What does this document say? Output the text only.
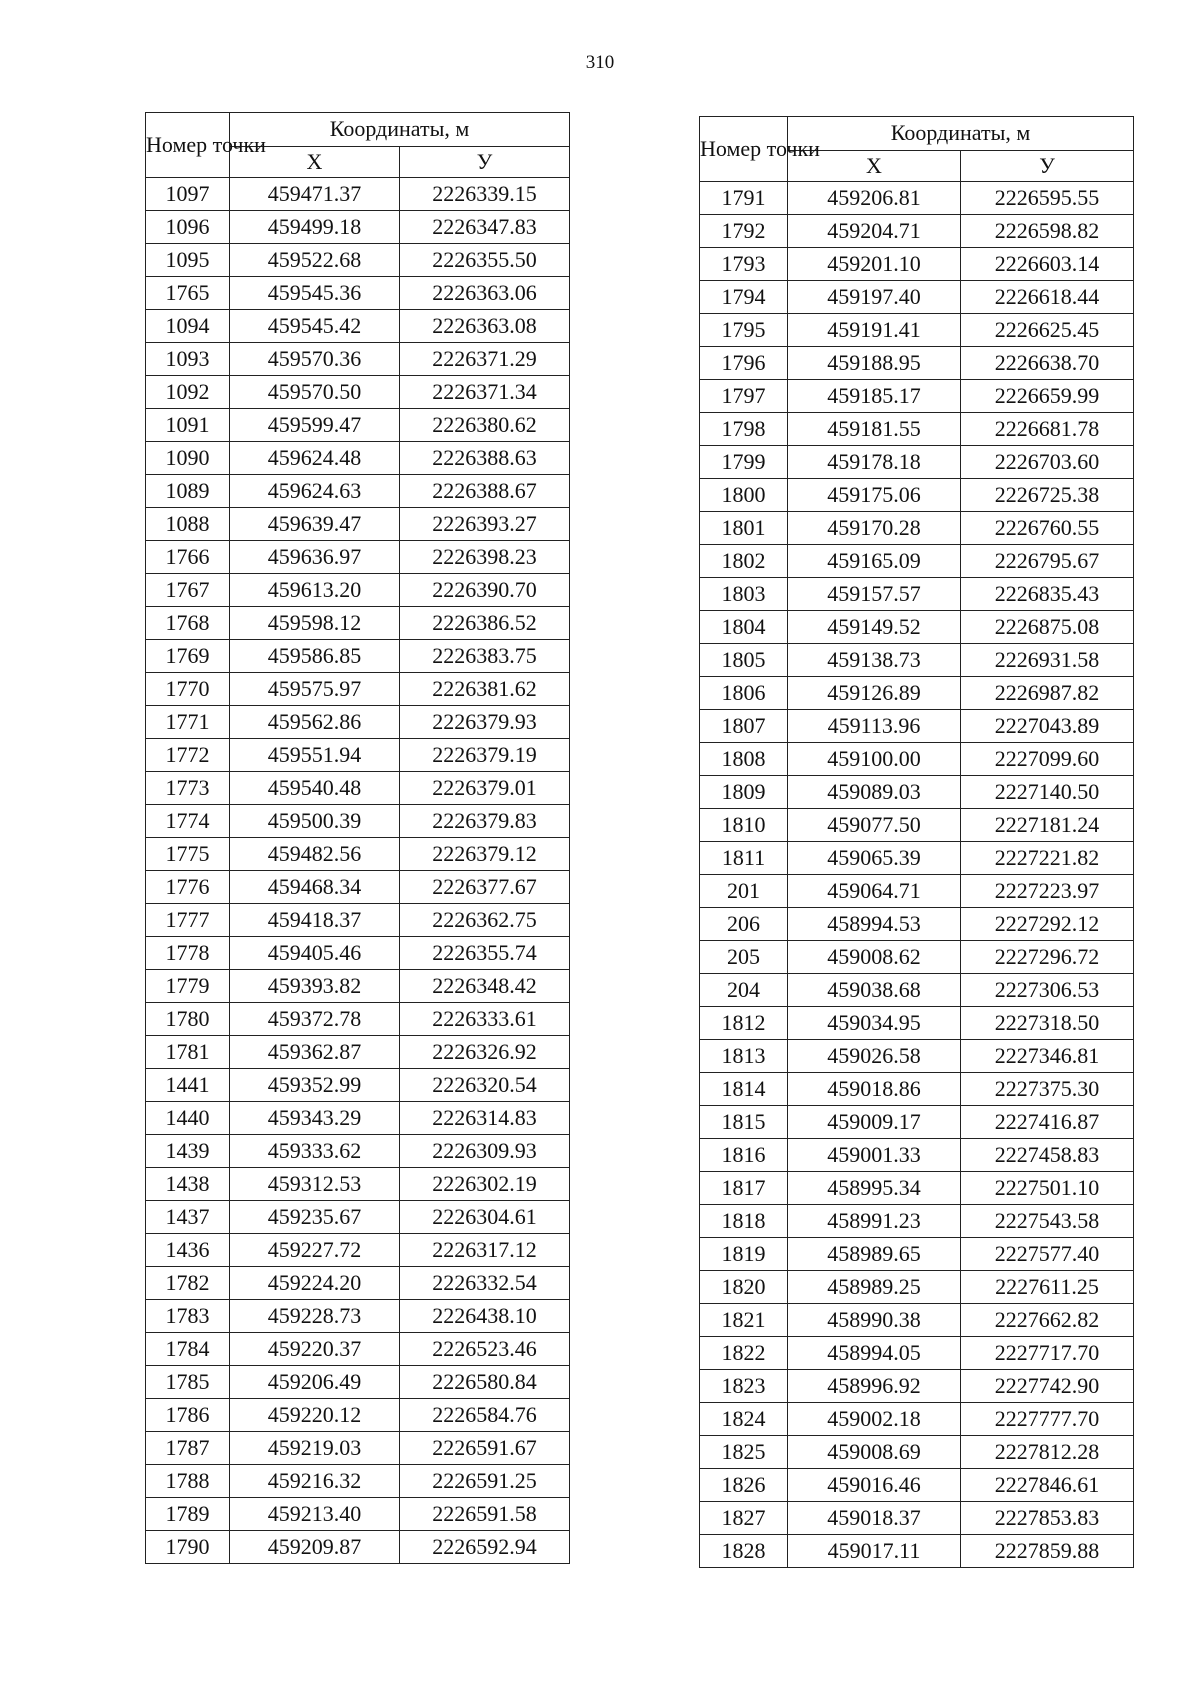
310
Номер точки	Координаты, м	
	X	У
1097	459471.37	2226339.15
1096	459499.18	2226347.83
1095	459522.68	2226355.50
1765	459545.36	2226363.06
1094	459545.42	2226363.08
1093	459570.36	2226371.29
1092	459570.50	2226371.34
1091	459599.47	2226380.62
1090	459624.48	2226388.63
1089	459624.63	2226388.67
1088	459639.47	2226393.27
1766	459636.97	2226398.23
1767	459613.20	2226390.70
1768	459598.12	2226386.52
1769	459586.85	2226383.75
1770	459575.97	2226381.62
1771	459562.86	2226379.93
1772	459551.94	2226379.19
1773	459540.48	2226379.01
1774	459500.39	2226379.83
1775	459482.56	2226379.12
1776	459468.34	2226377.67
1777	459418.37	2226362.75
1778	459405.46	2226355.74
1779	459393.82	2226348.42
1780	459372.78	2226333.61
1781	459362.87	2226326.92
1441	459352.99	2226320.54
1440	459343.29	2226314.83
1439	459333.62	2226309.93
1438	459312.53	2226302.19
1437	459235.67	2226304.61
1436	459227.72	2226317.12
1782	459224.20	2226332.54
1783	459228.73	2226438.10
1784	459220.37	2226523.46
1785	459206.49	2226580.84
1786	459220.12	2226584.76
1787	459219.03	2226591.67
1788	459216.32	2226591.25
1789	459213.40	2226591.58
1790	459209.87	2226592.94
Номер точки	Координаты, м	
	X	У
1791	459206.81	2226595.55
1792	459204.71	2226598.82
1793	459201.10	2226603.14
1794	459197.40	2226618.44
1795	459191.41	2226625.45
1796	459188.95	2226638.70
1797	459185.17	2226659.99
1798	459181.55	2226681.78
1799	459178.18	2226703.60
1800	459175.06	2226725.38
1801	459170.28	2226760.55
1802	459165.09	2226795.67
1803	459157.57	2226835.43
1804	459149.52	2226875.08
1805	459138.73	2226931.58
1806	459126.89	2226987.82
1807	459113.96	2227043.89
1808	459100.00	2227099.60
1809	459089.03	2227140.50
1810	459077.50	2227181.24
1811	459065.39	2227221.82
201	459064.71	2227223.97
206	458994.53	2227292.12
205	459008.62	2227296.72
204	459038.68	2227306.53
1812	459034.95	2227318.50
1813	459026.58	2227346.81
1814	459018.86	2227375.30
1815	459009.17	2227416.87
1816	459001.33	2227458.83
1817	458995.34	2227501.10
1818	458991.23	2227543.58
1819	458989.65	2227577.40
1820	458989.25	2227611.25
1821	458990.38	2227662.82
1822	458994.05	2227717.70
1823	458996.92	2227742.90
1824	459002.18	2227777.70
1825	459008.69	2227812.28
1826	459016.46	2227846.61
1827	459018.37	2227853.83
1828	459017.11	2227859.88
